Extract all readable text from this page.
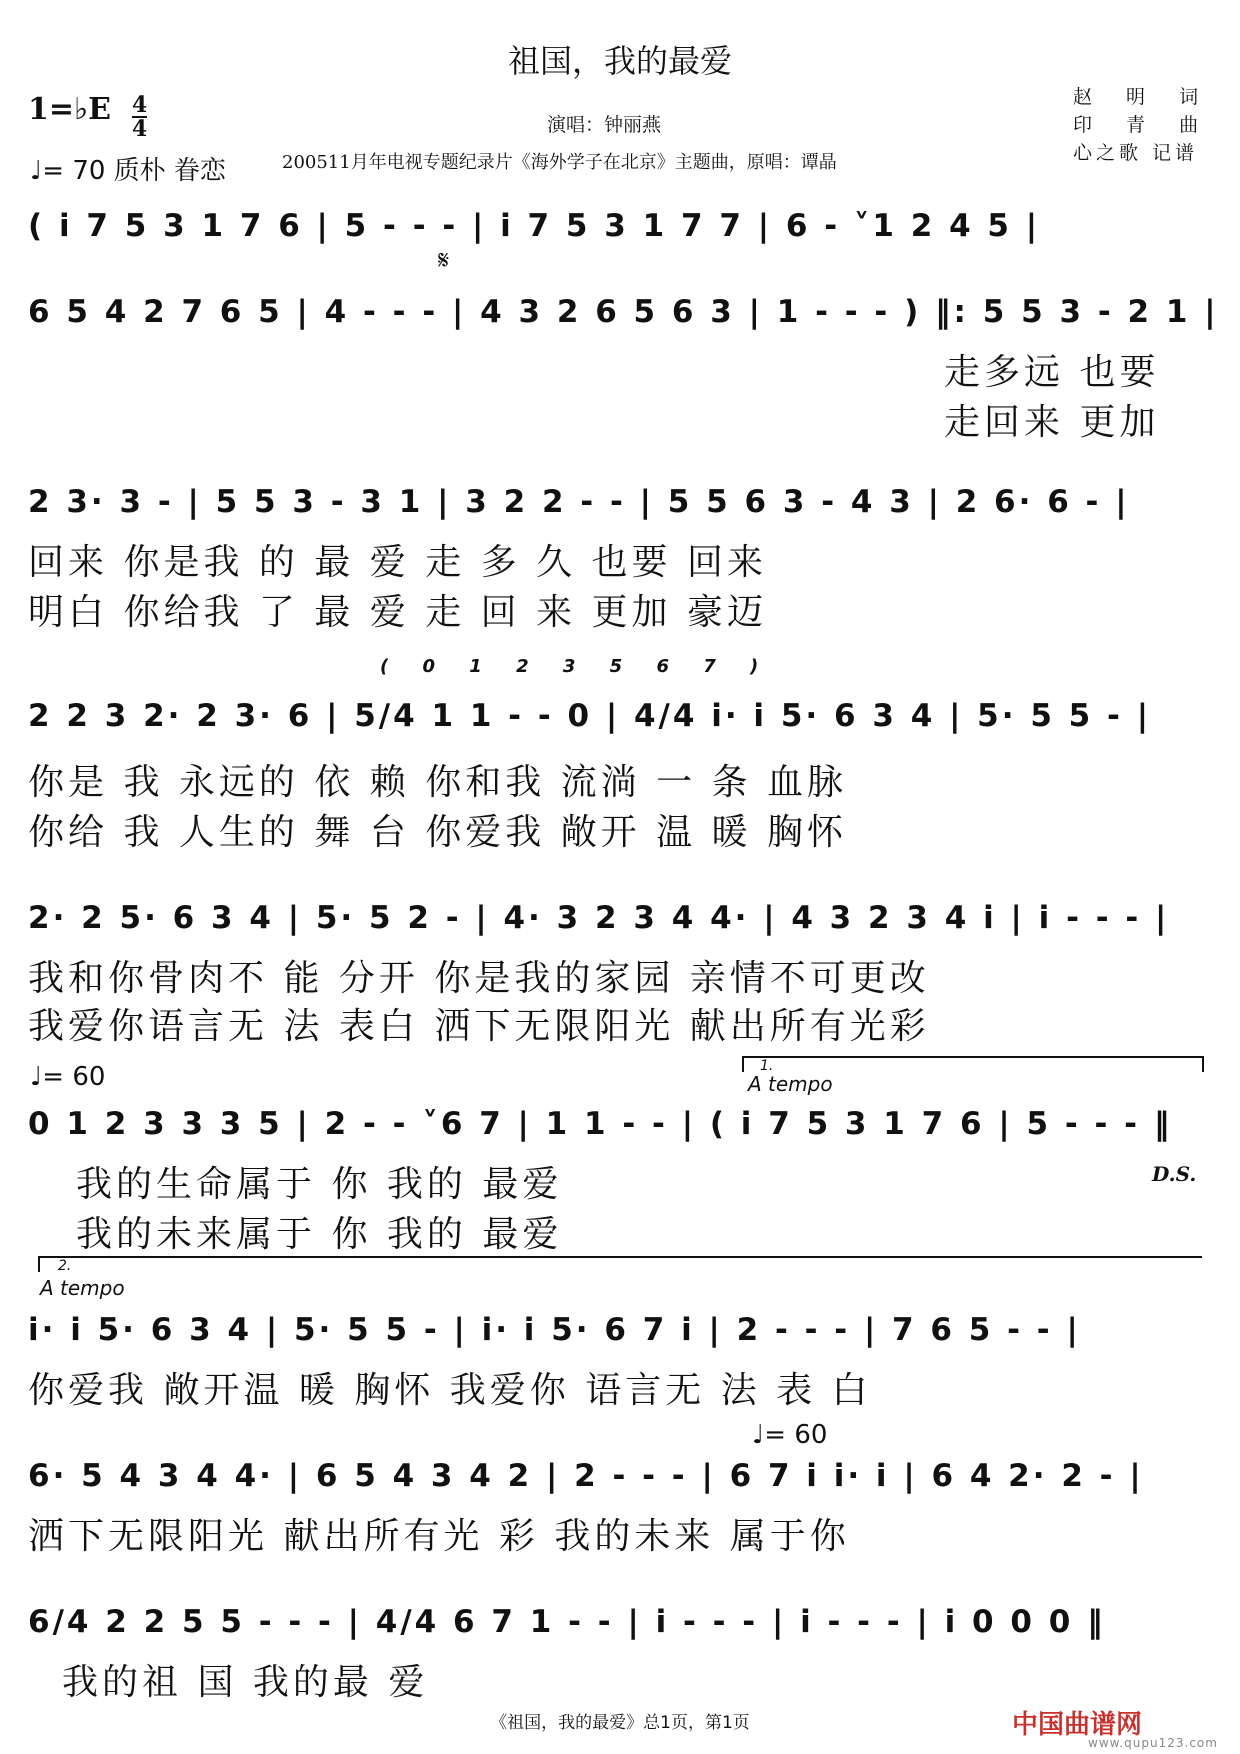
祖国，我的最爱
1=♭E 4
4
♩= 70 质朴 眷恋
演唱：钟丽燕
200511月年电视专题纪录片《海外学子在北京》主题曲，原唱：谭晶
赵 明 词
印 青 曲
心之歌 记谱
( i 7 5 3 1 7 6 | 5 - - - | i 7 5 3 1 7 7 | 6 - ˅1 2 4 5 |
6 5 4 2 7 6 5 | 4 - - - | 4 3 2 6 5 6 3 | 1 - - - ) ‖: 5 5 3 - 2 1 |
𝄋
走多远 也要
走回来 更加
2 3· 3 - | 5 5 3 - 3 1 | 3 2 2 - - | 5 5 6 3 - 4 3 | 2 6· 6 - |
回来 你是我 的 最 爱 走 多 久 也要 回来
明白 你给我 了 最 爱 走 回 来 更加 豪迈
( 0 1 2 3 5 6 7 )
2 2 3 2· 2 3· 6 | 5/4 1 1 - - 0 | 4/4 i· i 5· 6 3 4 | 5· 5 5 - |
你是 我 永远的 依 赖 你和我 流淌 一 条 血脉
你给 我 人生的 舞 台 你爱我 敞开 温 暖 胸怀
2· 2 5· 6 3 4 | 5· 5 2 - | 4· 3 2 3 4 4· | 4 3 2 3 4 i | i - - - |
我和你骨肉不 能 分开 你是我的家园 亲情不可更改
我爱你语言无 法 表白 洒下无限阳光 献出所有光彩
♩= 60	1.
A tempo
0 1 2 3 3 3 5 | 2 - - ˅6 7 | 1 1 - - | ( i 7 5 3 1 7 6 | 5 - - - ‖
我的生命属于 你 我的 最爱
我的未来属于 你 我的 最爱
D.S.
2.
A tempo
i· i 5· 6 3 4 | 5· 5 5 - | i· i 5· 6 7 i | 2 - - - | 7 6 5 - - |
你爱我 敞开温 暖 胸怀 我爱你 语言无 法 表 白
♩= 60
6· 5 4 3 4 4· | 6 5 4 3 4 2 | 2 - - - | 6 7 i i· i | 6 4 2· 2 - |
洒下无限阳光 献出所有光 彩 我的未来 属于你
6/4 2 2 5 5 - - - | 4/4 6 7 1 - - | i - - - | i - - - | i 0 0 0 ‖
我的祖 国 我的最 爱
《祖国，我的最爱》总1页，第1页	中国曲谱网
www.qupu123.com
